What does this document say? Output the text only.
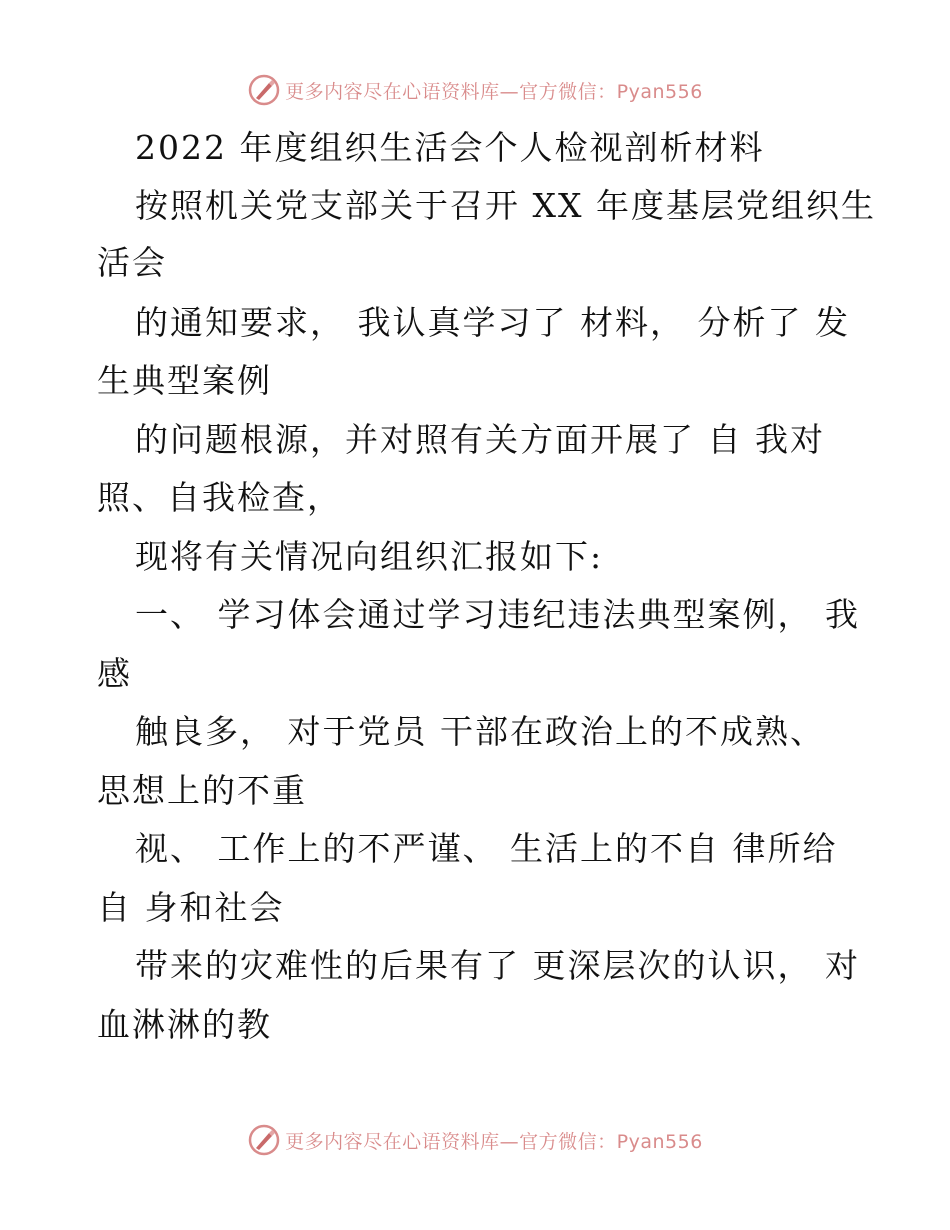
更多内容尽在心语资料库—官方微信：Pyan556
2022 年度组织生活会个人检视剖析材料
按照机关党支部关于召开 XX 年度基层党组织生
活会
的通知要求， 我认真学习了 材料， 分析了 发
生典型案例
的问题根源，并对照有关方面开展了 自 我对
照、自我检查，
现将有关情况向组织汇报如下:
一、 学习体会通过学习违纪违法典型案例， 我
感
触良多， 对于党员 干部在政治上的不成熟、
思想上的不重
视、 工作上的不严谨、 生活上的不自 律所给
自 身和社会
带来的灾难性的后果有了 更深层次的认识， 对
血淋淋的教
更多内容尽在心语资料库—官方微信：Pyan556
